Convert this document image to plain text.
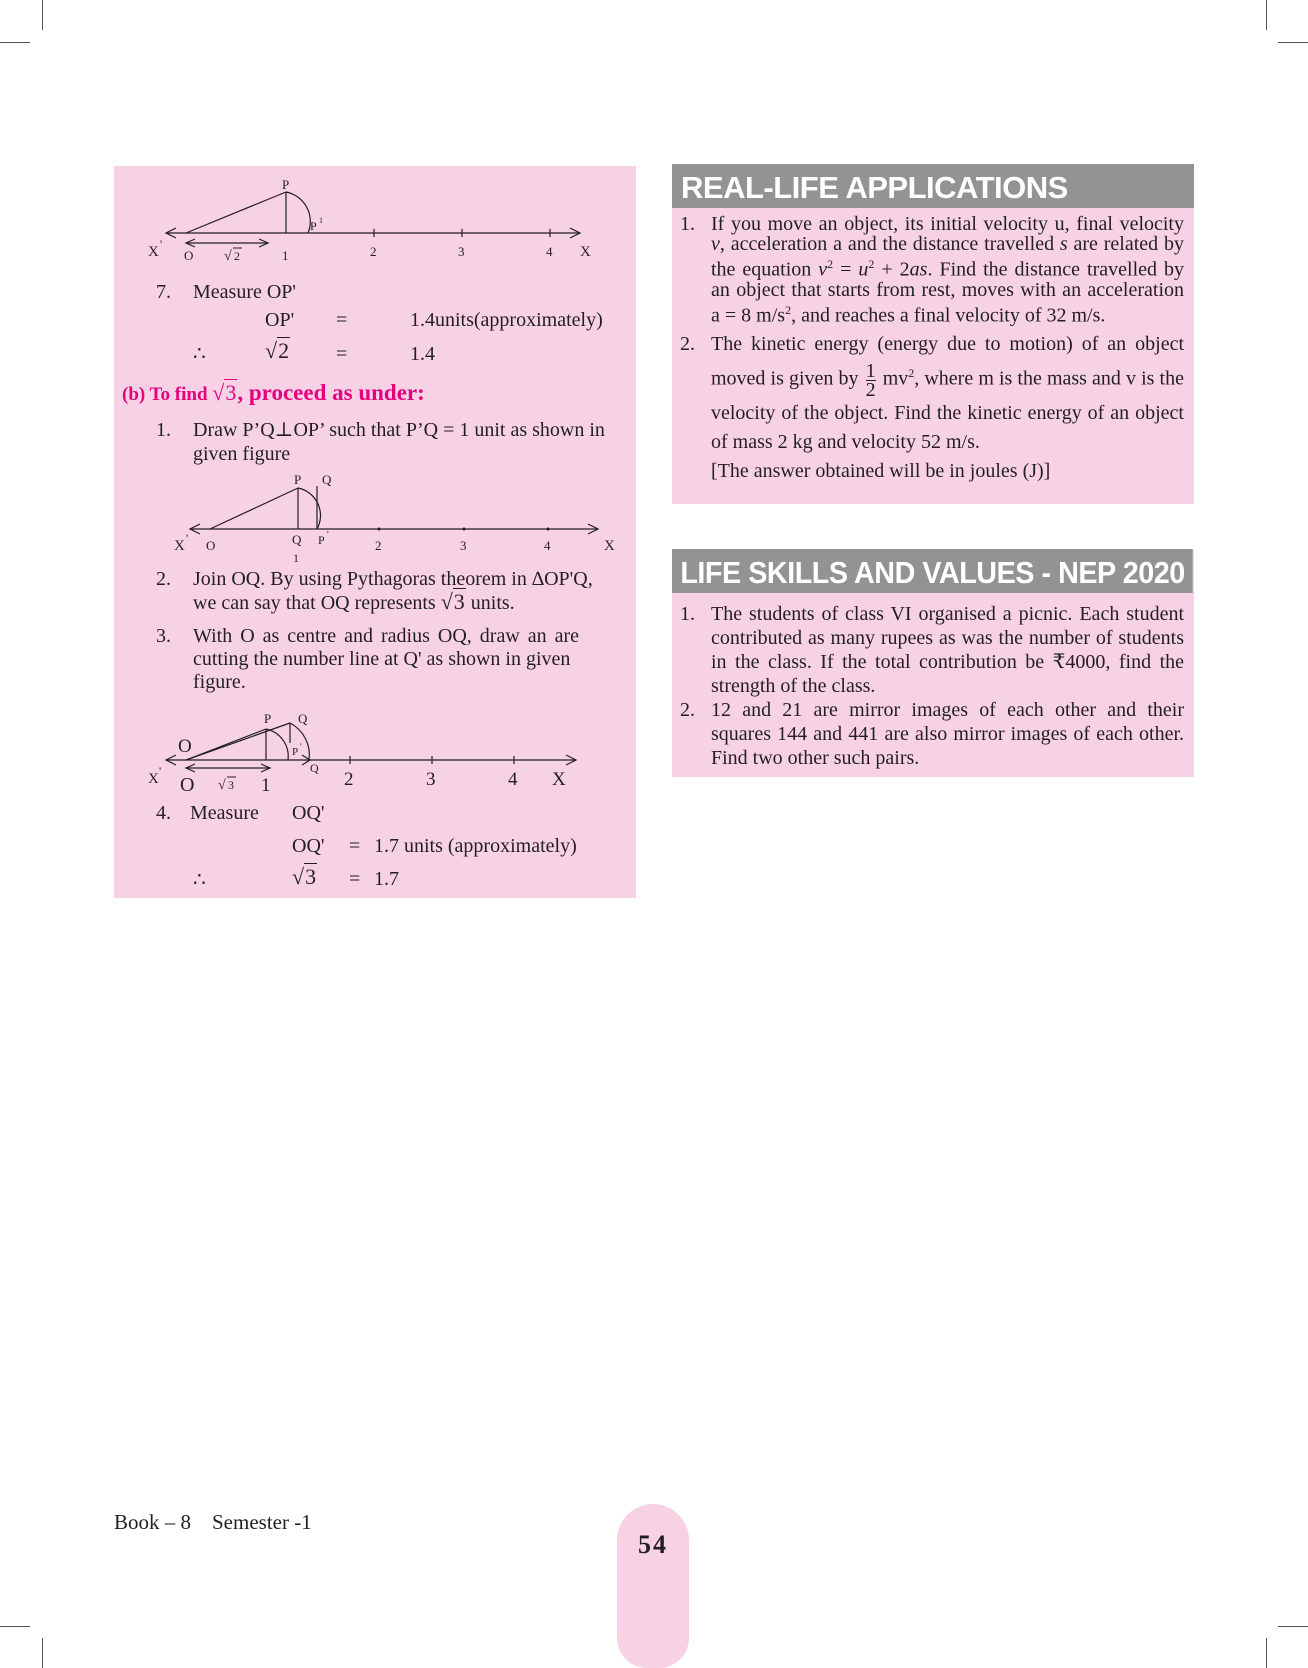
P
P 1
X '
O √ 2	1	2	3	4 X
7. Measure OP'
OP' =	1.4units(approximately)
∴	√2 =	1.4
(b) To find √3, proceed as under:
1. Draw P’Q⊥OP’ such that P’Q = 1 unit as shown in
given figure
P Q
X ' O	Q P '
1
2	3	4	X
2. Join OQ. By using Pythagoras theorem in ∆OP'Q,
we can say that OQ represents √3 units.
3. With O as centre and radius OQ, draw an are
cutting the number line at Q' as shown in given
figure.
P Q
O	P '
Q
X '
O √ 3 1	2	3	4 X
4. Measure OQ'
OQ' = 1.7 units (approximately)
∴	√3 = 1.7
REAL-LIFE APPLICATIONS
1. If you move an object, its initial velocity u, final velocity v, acceleration a and the distance travelled s are related by the equation $v^2 = u^2 + 2as$. Find the distance travelled by an object that starts from rest, moves with an acceleration a = 8 $m/s^2$, and reaches a final velocity of 32 m/s.
2. The kinetic energy (energy due to motion) of an object moved is given by $\frac{1}{2} mv^2$, where m is the mass and v is the velocity of the object. Find the kinetic energy of an object of mass 2 kg and velocity 52 m/s.
[The answer obtained will be in joules (J)]
LIFE SKILLS AND VALUES - NEP 2020
1. The students of class VI organised a picnic. Each student contributed as many rupees as was the number of students in the class. If the total contribution be ₹4000, find the strength of the class.
2. 12 and 21 are mirror images of each other and their squares 144 and 441 are also mirror images of each other. Find two other such pairs.
Book – 8    Semester -1
54
